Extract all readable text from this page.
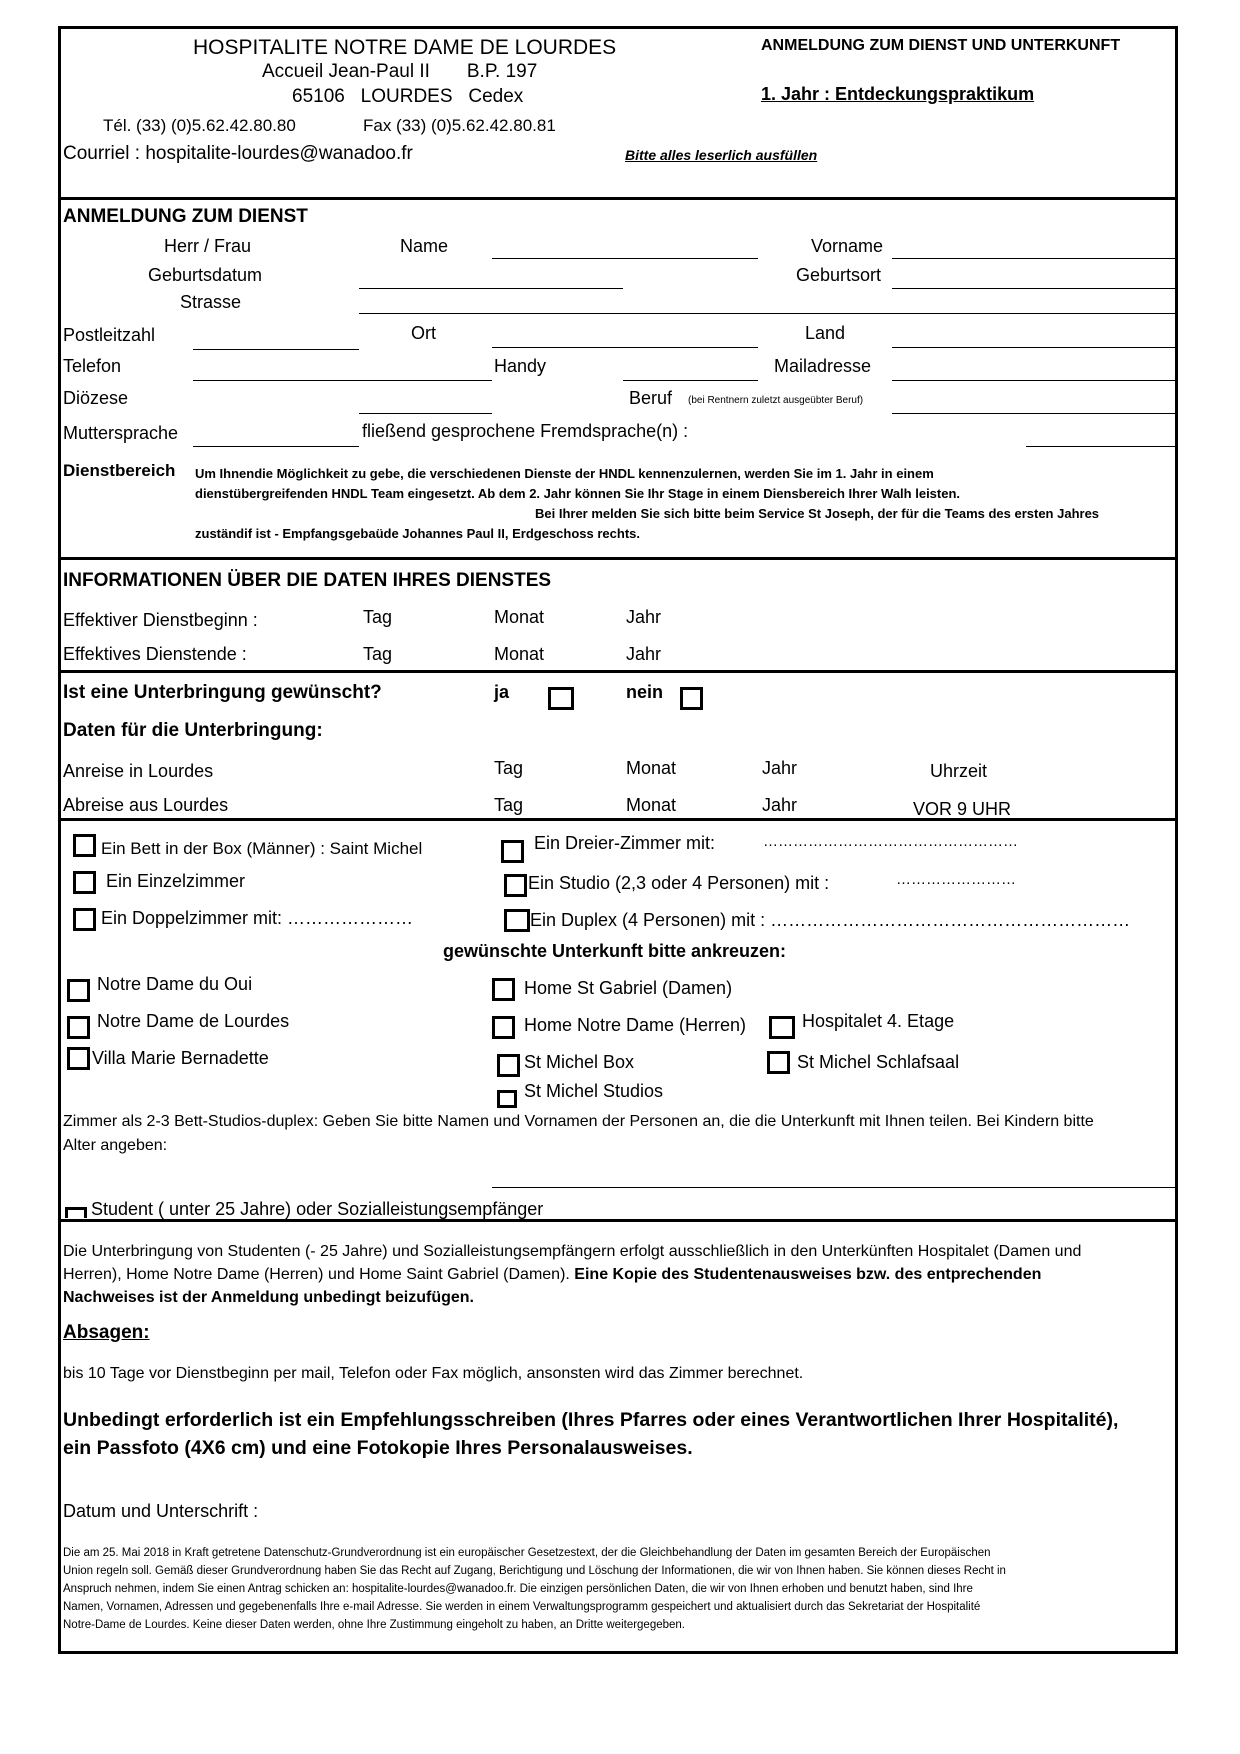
HOSPITALITE NOTRE DAME DE LOURDES
Accueil Jean-Paul II       B.P. 197
65106   LOURDES   Cedex
Tél. (33) (0)5.62.42.80.80	Fax (33) (0)5.62.42.80.81
Courriel : hospitalite-lourdes@wanadoo.fr
ANMELDUNG ZUM DIENST UND UNTERKUNFT
1. Jahr : Entdeckungspraktikum
Bitte alles leserlich ausfüllen
ANMELDUNG ZUM DIENST
Herr / Frau	Name	Vorname
Geburtsdatum	Geburtsort
Strasse
Postleitzahl	Ort	Land
Telefon	Handy	Mailadresse
Diözese	Beruf (bei Rentnern zuletzt ausgeübter Beruf)
Muttersprache	fließend gesprochene Fremdsprache(n) :
Dienstbereich Um Ihnendie Möglichkeit zu gebe, die verschiedenen Dienste der HNDL kennenzulernen, werden Sie im 1. Jahr in einem
dienstübergreifenden HNDL Team eingesetzt. Ab dem 2. Jahr können Sie Ihr Stage in einem Diensbereich Ihrer Walh leisten.
Bei Ihrer melden Sie sich bitte beim Service St Joseph, der für die Teams des ersten Jahres
zuständif ist - Empfangsgebaüde Johannes Paul II, Erdgeschoss rechts.
INFORMATIONEN ÜBER DIE DATEN IHRES DIENSTES
Effektiver Dienstbeginn :	Tag	Monat	Jahr
Effektives Dienstende :	Tag	Monat	Jahr
Ist eine Unterbringung gewünscht?	ja	nein
Daten für die Unterbringung:
Anreise in Lourdes	Tag	Monat	Jahr	Uhrzeit
Abreise aus Lourdes	Tag	Monat	Jahr	VOR 9 UHR
Ein Bett in der Box (Männer) : Saint Michel
Ein Einzelzimmer
Ein Doppelzimmer mit: …………………
Ein Dreier-Zimmer mit:	……………………………………………
Ein Studio (2,3 oder 4 Personen) mit :	……………………
Ein Duplex (4 Personen) mit : ……………………………………………………
gewünschte Unterkunft bitte ankreuzen:
Notre Dame du Oui
Notre Dame de Lourdes
Villa Marie Bernadette
Home St Gabriel (Damen)
Home Notre Dame (Herren)	Hospitalet 4. Etage
St Michel Box	St Michel Schlafsaal
St Michel Studios
Zimmer als 2-3 Bett-Studios-duplex: Geben Sie bitte Namen und Vornamen der Personen an, die die Unterkunft mit Ihnen teilen. Bei Kindern bitte
Alter angeben:
Student ( unter 25 Jahre) oder Sozialleistungsempfänger
Die Unterbringung von Studenten (- 25 Jahre) und Sozialleistungsempfängern erfolgt ausschließlich in den Unterkünften Hospitalet (Damen und
Herren), Home Notre Dame (Herren) und Home Saint Gabriel (Damen). Eine Kopie des Studentenausweises bzw. des entprechenden
Nachweises ist der Anmeldung unbedingt beizufügen.
Absagen:
bis 10 Tage vor Dienstbeginn per mail, Telefon oder Fax möglich, ansonsten wird das Zimmer berechnet.
Unbedingt erforderlich ist ein Empfehlungsschreiben (Ihres Pfarres oder eines Verantwortlichen Ihrer Hospitalité),
ein Passfoto (4X6 cm) und eine Fotokopie Ihres Personalausweises.
Datum und Unterschrift :
Die am 25. Mai 2018 in Kraft getretene Datenschutz-Grundverordnung ist ein europäischer Gesetzestext, der die Gleichbehandlung der Daten im gesamten Bereich der Europäischen
Union regeln soll. Gemäß dieser Grundverordnung haben Sie das Recht auf Zugang, Berichtigung und Löschung der Informationen, die wir von Ihnen haben. Sie können dieses Recht in
Anspruch nehmen, indem Sie einen Antrag schicken an: hospitalite-lourdes@wanadoo.fr. Die einzigen persönlichen Daten, die wir von Ihnen erhoben und benutzt haben, sind Ihre
Namen, Vornamen, Adressen und gegebenenfalls Ihre e-mail Adresse. Sie werden in einem Verwaltungsprogramm gespeichert und aktualisiert durch das Sekretariat der Hospitalité
Notre-Dame de Lourdes. Keine dieser Daten werden, ohne Ihre Zustimmung eingeholt zu haben, an Dritte weitergegeben.
